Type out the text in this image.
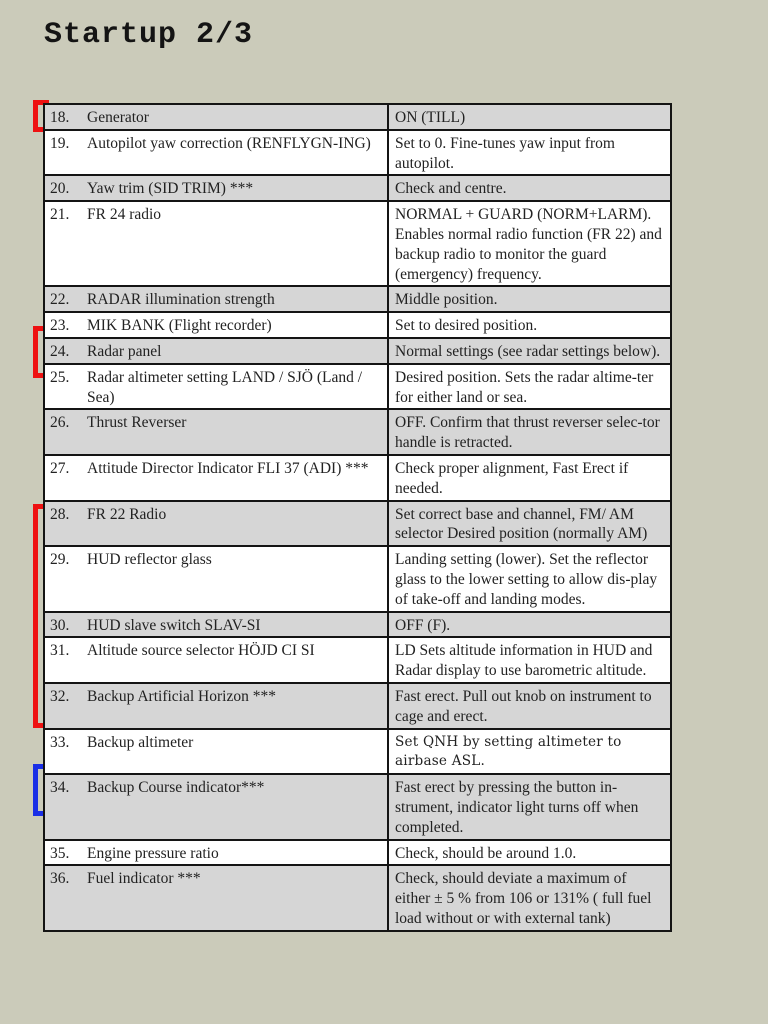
Startup 2/3
18. Generator	ON (TILL)

19. Autopilot yaw correction (RENFLYGN-ING)	Set to 0. Fine-tunes yaw input from autopilot.

20. Yaw trim (SID TRIM) ***	Check and centre.

21. FR 24 radio	NORMAL + GUARD (NORM+LARM). Enables normal radio function (FR 22) and backup radio to monitor the guard (emergency) frequency.

22. RADAR illumination strength	Middle position.

23. MIK BANK (Flight recorder)	Set to desired position.

24. Radar panel	Normal settings (see radar settings below).

25. Radar altimeter setting LAND / SJÖ (Land / Sea)	Desired position. Sets the radar altime-ter for either land or sea.

26. Thrust Reverser	OFF. Confirm that thrust reverser selec-tor handle is retracted.

27. Attitude Director Indicator FLI 37 (ADI) ***	Check proper alignment, Fast Erect if needed.

28. FR 22 Radio	Set correct base and channel, FM/ AM selector Desired position (normally AM)

29. HUD reflector glass	Landing setting (lower). Set the reflector glass to the lower setting to allow dis-play of take-off and landing modes.

30. HUD slave switch SLAV-SI	OFF (F).

31. Altitude source selector HÖJD CI SI	LD Sets altitude information in HUD and Radar display to use barometric altitude.

32. Backup Artificial Horizon ***	Fast erect. Pull out knob on instrument to cage and erect.

33. Backup altimeter	Set QNH by setting altimeter to airbase ASL.

34. Backup Course indicator***	Fast erect by pressing the button in-strument, indicator light turns off when completed.

35. Engine pressure ratio	Check, should be around 1.0.

36. Fuel indicator ***	Check, should deviate a maximum of either ± 5 % from 106 or 131% ( full fuel load without or with external tank)
